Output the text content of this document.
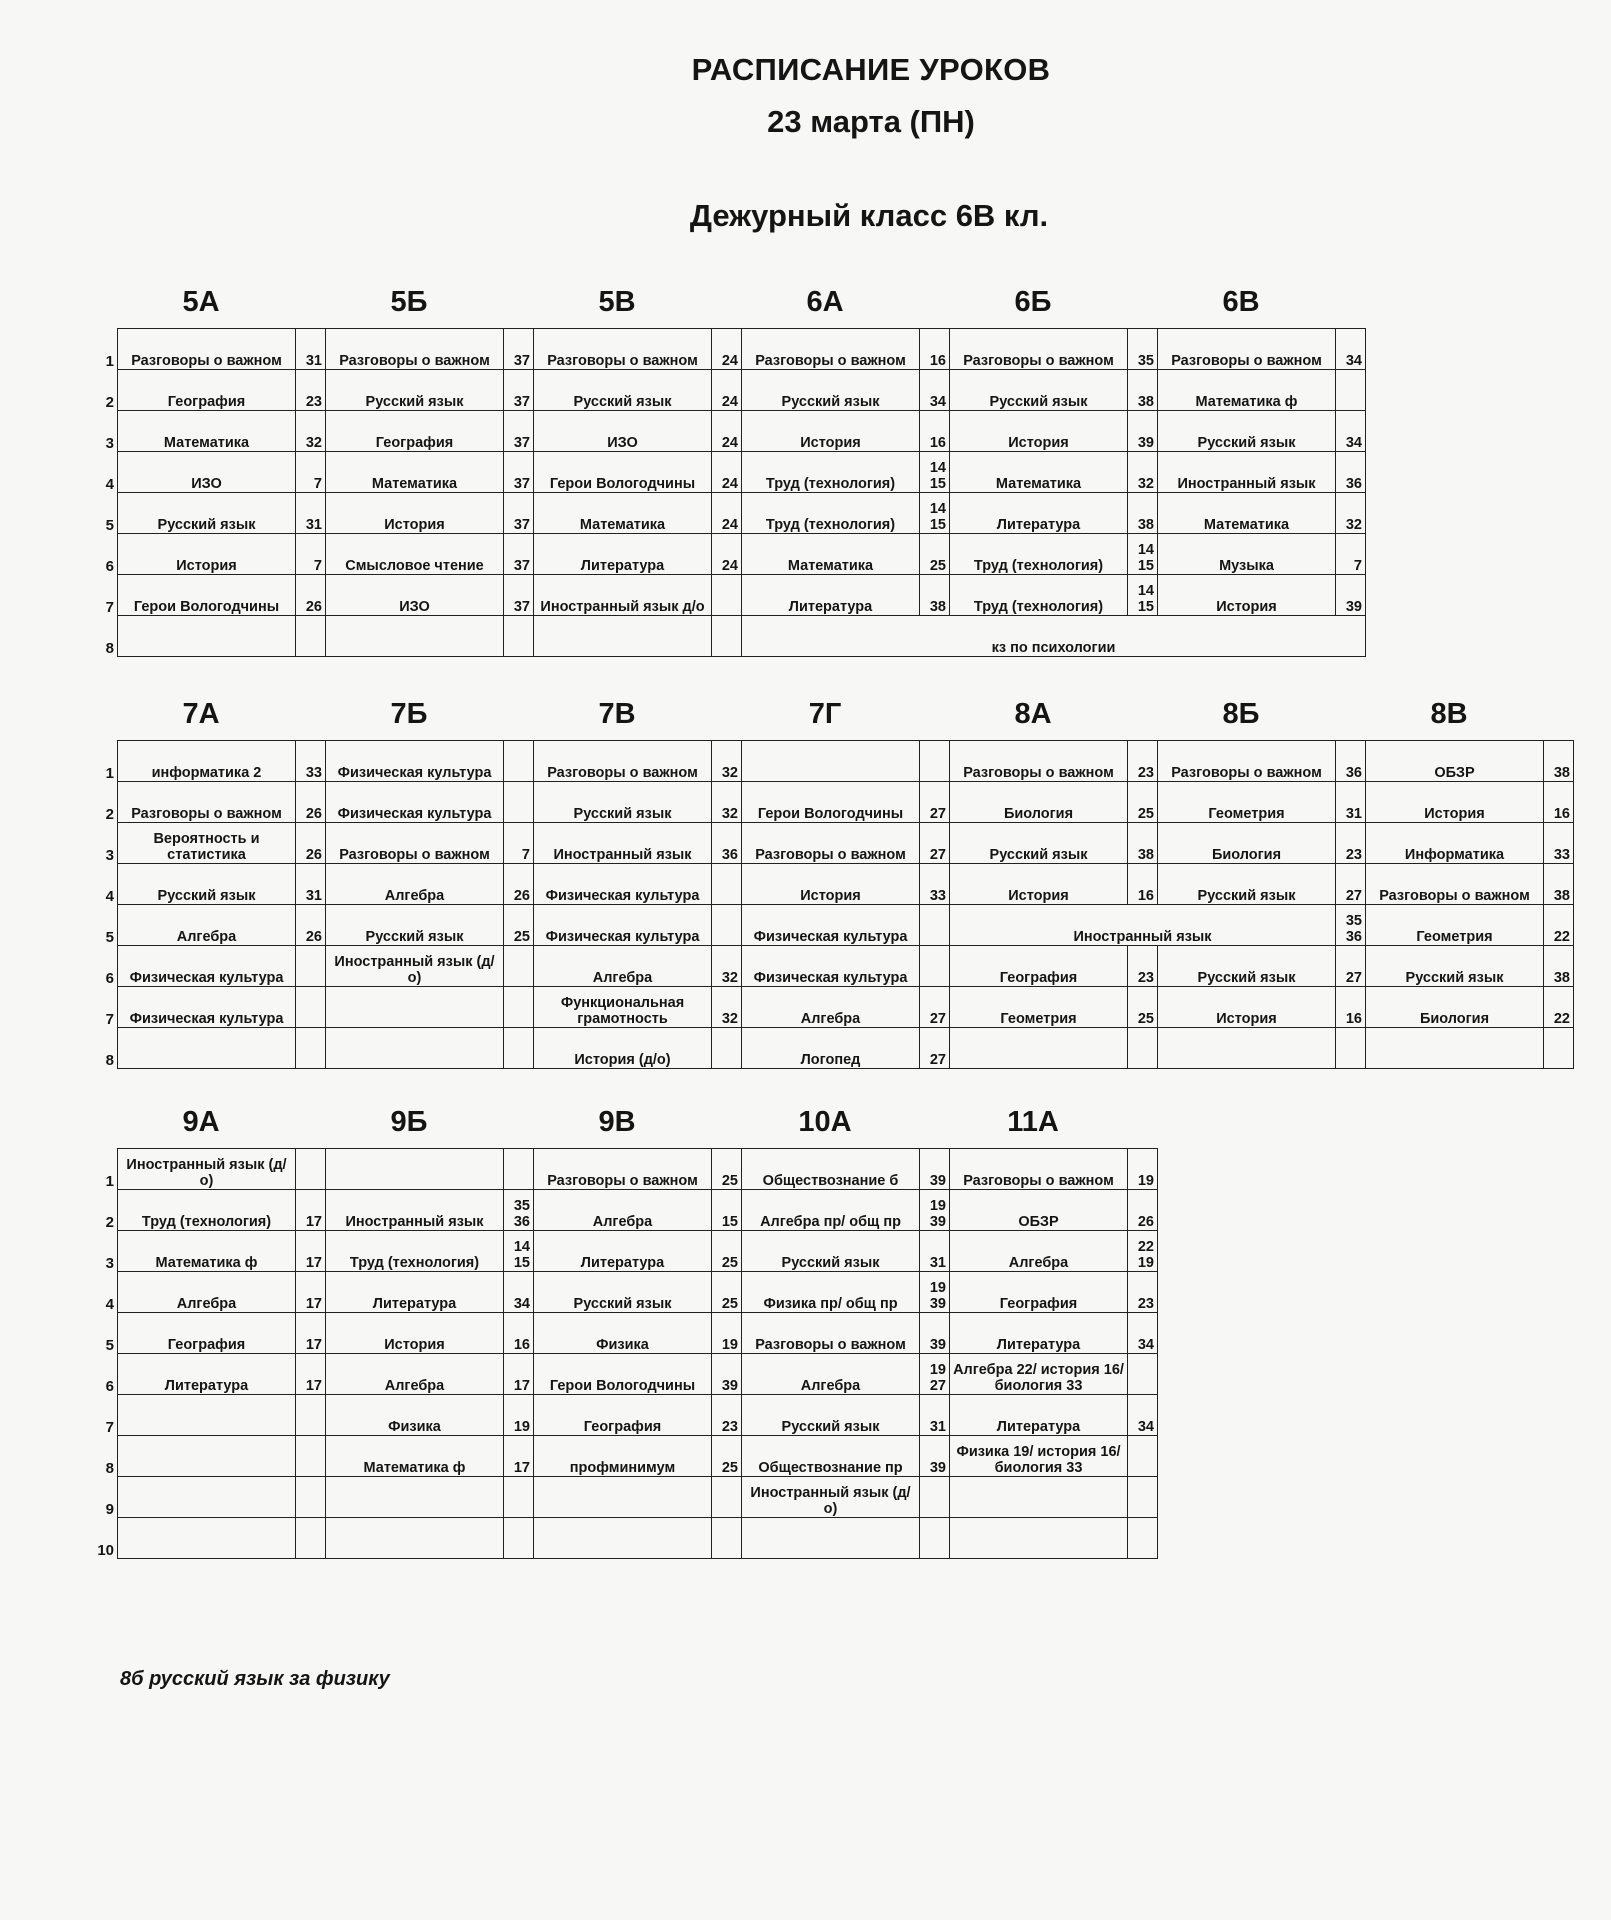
РАСПИСАНИЕ УРОКОВ
23 марта (ПН)
Дежурный класс 6В кл.
5А	5Б	5В	6А	6Б	6В
1	Разговоры о важном	31	Разговоры о важном	37	Разговоры о важном	24	Разговоры о важном	16	Разговоры о важном	35	Разговоры о важном	34
2	География	23	Русский язык	37	Русский язык	24	Русский язык	34	Русский язык	38	Математика ф	
3	Математика	32	География	37	ИЗО	24	История	16	История	39	Русский язык	34
4	ИЗО	7	Математика	37	Герои Вологодчины	24	Труд (технология)	14 15	Математика	32	Иностранный язык	36
5	Русский язык	31	История	37	Математика	24	Труд (технология)	14 15	Литература	38	Математика	32
6	История	7	Смысловое чтение	37	Литература	24	Математика	25	Труд (технология)	14 15	Музыка	7
7	Герои Вологодчины	26	ИЗО	37	Иностранный язык д/о		Литература	38	Труд (технология)	14 15	История	39
8							кз по психологии					
7А	7Б	7В	7Г	8А	8Б	8В
1	информатика 2	33	Физическая культура		Разговоры о важном	32			Разговоры о важном	23	Разговоры о важном	36	ОБЗР	38
2	Разговоры о важном	26	Физическая культура		Русский язык	32	Герои Вологодчины	27	Биология	25	Геометрия	31	История	16
3	Вероятность и статистика	26	Разговоры о важном	7	Иностранный язык	36	Разговоры о важном	27	Русский язык	38	Биология	23	Информатика	33
4	Русский язык	31	Алгебра	26	Физическая культура		История	33	История	16	Русский язык	27	Разговоры о важном	38
5	Алгебра	26	Русский язык	25	Физическая культура		Физическая культура		Иностранный язык			35 36	Геометрия	22
6	Физическая культура		Иностранный язык (д/о)		Алгебра	32	Физическая культура		География	23	Русский язык	27	Русский язык	38
7	Физическая культура				Функциональная грамотность	32	Алгебра	27	Геометрия	25	История	16	Биология	22
8					История (д/о)		Логопед	27						
9А	9Б	9В	10А	11А
1	Иностранный язык (д/о)				Разговоры о важном	25	Обществознание б	39	Разговоры о важном	19
2	Труд (технология)	17	Иностранный язык	35 36	Алгебра	15	Алгебра пр/ общ пр	19 39	ОБЗР	26
3	Математика ф	17	Труд (технология)	14 15	Литература	25	Русский язык	31	Алгебра	22 19
4	Алгебра	17	Литература	34	Русский язык	25	Физика пр/ общ пр	19 39	География	23
5	География	17	История	16	Физика	19	Разговоры о важном	39	Литература	34
6	Литература	17	Алгебра	17	Герои Вологодчины	39	Алгебра	19 27	Алгебра 22/ история 16/ биология 33	
7			Физика	19	География	23	Русский язык	31	Литература	34
8			Математика ф	17	профминимум	25	Обществознание пр	39	Физика 19/ история 16/ биология 33	
9							Иностранный язык (д/о)			
10										
8б русский язык за физику
